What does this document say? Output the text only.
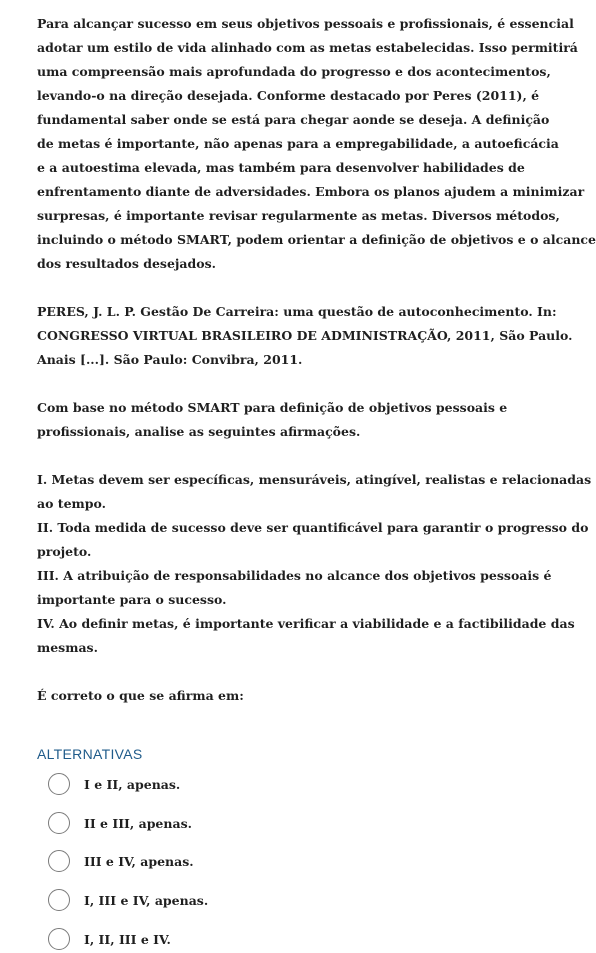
Para alcançar sucesso em seus objetivos pessoais e profissionais, é essencial
adotar um estilo de vida alinhado com as metas estabelecidas. Isso permitirá
uma compreensão mais aprofundada do progresso e dos acontecimentos,
levando-o na direção desejada. Conforme destacado por Peres (2011), é
fundamental saber onde se está para chegar aonde se deseja. A definição
de metas é importante, não apenas para a empregabilidade, a autoeficácia
e a autoestima elevada, mas também para desenvolver habilidades de
enfrentamento diante de adversidades. Embora os planos ajudem a minimizar
surpresas, é importante revisar regularmente as metas. Diversos métodos,
incluindo o método SMART, podem orientar a definição de objetivos e o alcance
dos resultados desejados.

PERES, J. L. P. Gestão De Carreira: uma questão de autoconhecimento. In:
CONGRESSO VIRTUAL BRASILEIRO DE ADMINISTRAÇÃO, 2011, São Paulo.
Anais [...]. São Paulo: Convibra, 2011.

Com base no método SMART para definição de objetivos pessoais e
profissionais, analise as seguintes afirmações.

I. Metas devem ser específicas, mensuráveis, atingível, realistas e relacionadas
ao tempo.
II. Toda medida de sucesso deve ser quantificável para garantir o progresso do
projeto.
III. A atribuição de responsabilidades no alcance dos objetivos pessoais é
importante para o sucesso.
IV. Ao definir metas, é importante verificar a viabilidade e a factibilidade das
mesmas.

É correto o que se afirma em:

ALTERNATIVAS
I e II, apenas.
II e III, apenas.
III e IV, apenas.
I, III e IV, apenas.
I, II, III e IV.
